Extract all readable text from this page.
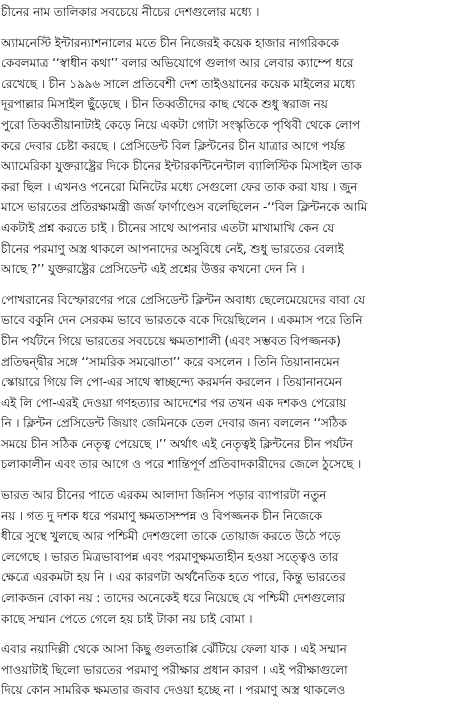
চীনের নাম তালিকার সবচেয়ে নীচের দেশগুলোর মধ্যে ।
অ্যামনেস্টি ইন্টারন্যাশনালের মতে চীন নিজেরই কয়েক হাজার নাগরিককে
কেবলমাত্র ‘‘স্বাধীন কথা’’ বলার অভিযোগে গুলাগ আর লেবার ক্যাম্পে ধরে
রেখেছে । চীন ১৯৯৬ সালে প্রতিবেশী দেশ তাইওয়ানের কয়েক মাইলের মধ্যে
দূরপাল্লার মিসাইল ছুঁড়েছে । চীন তিব্বতীদের কাছ থেকে শুধু স্বরাজ নয়
পুরো তিব্বতীয়ানাটাই কেড়ে নিয়ে একটা গোটা সংস্কৃতিকে পৃথিবী থেকে লোপ
করে দেবার চেষ্টা করছে । প্রেসিডেন্ট বিল ক্লিন্টনের চীন যাত্রার আগে পর্যন্ত
অ্যামেরিকা যুক্তরাষ্ট্রের দিকে চীনের ইন্টারকন্টিনেন্টাল ব্যালিস্টিক মিসাইল তাক
করা ছিল । এখনও পনেরো মিনিটের মধ্যে সেগুলো ফের তাক করা যায় । জুন
মাসে ভারতের প্রতিরক্ষামন্ত্রী জর্জ ফার্ণাণ্ডেস বলেছিলেন -‘‘বিল ক্লিন্টনকে আমি
একটাই প্রশ্ন করতে চাই । চীনের সাথে আপনার এতটা মাখামাখি কেন যে
চীনের পরমাণু অস্ত্র থাকলে আপনাদের অসুবিধে নেই, শুধু ভারতের বেলাই
আছে ?’’ যুক্তরাষ্ট্রের প্রেসিডেন্ট এই প্রশ্নের উত্তর কখনো দেন নি ।
পোখরানের বিস্ফোরণের পরে প্রেসিডেন্ট ক্লিন্টন অবাধ্য ছেলেমেয়েদের বাবা যে
ভাবে বকুনি দেন সেরকম ভাবে ভারতকে বকে দিয়েছিলেন । একমাস পরে তিনি
চীন পর্যটনে গিয়ে ভারতের সবচেয়ে ক্ষমতাশালী (এবং সম্ভবত বিপজ্জনক)
প্রতিদ্বন্দ্বীর সঙ্গে ‘‘সামরিক সমঝোতা’’ করে বসলেন । তিনি তিয়ানানমেন
স্কোয়ারে গিয়ে লি পো-এর সাথে স্বাচ্ছন্দ্যে করমর্দন করলেন । তিয়ানানমেন
এই লি পো-এরই দেওয়া গণহত্যার আদেশের পর তখন এক দশকও পেরোয়
নি । ক্লিন্টন প্রেসিডেন্ট জিয়াং জেমিনকে তেল দেবার জন্য বললেন ‘‘সঠিক
সময়ে চীন সঠিক নেতৃত্ব পেয়েছে ।’’ অর্থাৎ এই নেতৃত্বই ক্লিন্টনের চীন পর্যটন
চলাকালীন এবং তার আগে ও পরে শান্তিপূর্ণ প্রতিবাদকারীদের জেলে ঠুসেছে ।
ভারত আর চীনের পাতে এরকম আলাদা জিনিস পড়ার ব্যাপারটা নতুন
নয় । গত দু দশক ধরে পরমাণু ক্ষমতাসম্পন্ন ও বিপজ্জনক চীন নিজেকে
ধীরে সুস্থে খুলছে আর পশ্চিমী দেশগুলো তাকে তোয়াজ করতে উঠে পড়ে
লেগেছে । ভারত মিত্রভাবাপন্ন এবং পরমাণুক্ষমতাহীন হওয়া সত্ত্বেও তার
ক্ষেত্রে এরকমটা হয় নি । এর কারণটা অর্থনৈতিক হতে পারে, কিন্তু ভারতের
লোকজন বোকা নয় : তাদের অনেকেই ধরে নিয়েছে যে পশ্চিমী দেশগুলোর
কাছে সম্মান পেতে গেলে হয় চাই টাকা নয় চাই বোমা ।
এবার নয়াদিল্লী থেকে আসা কিছু গুলতাপ্পি ঝেঁটিয়ে ফেলা যাক । এই সম্মান
পাওয়াটাই ছিলো ভারতের পরমাণু পরীক্ষার প্রধান কারণ । এই পরীক্ষাগুলো
দিয়ে কোন সামরিক ক্ষমতার জবাব দেওয়া হচ্ছে না । পরমাণু অস্ত্র থাকলেও
